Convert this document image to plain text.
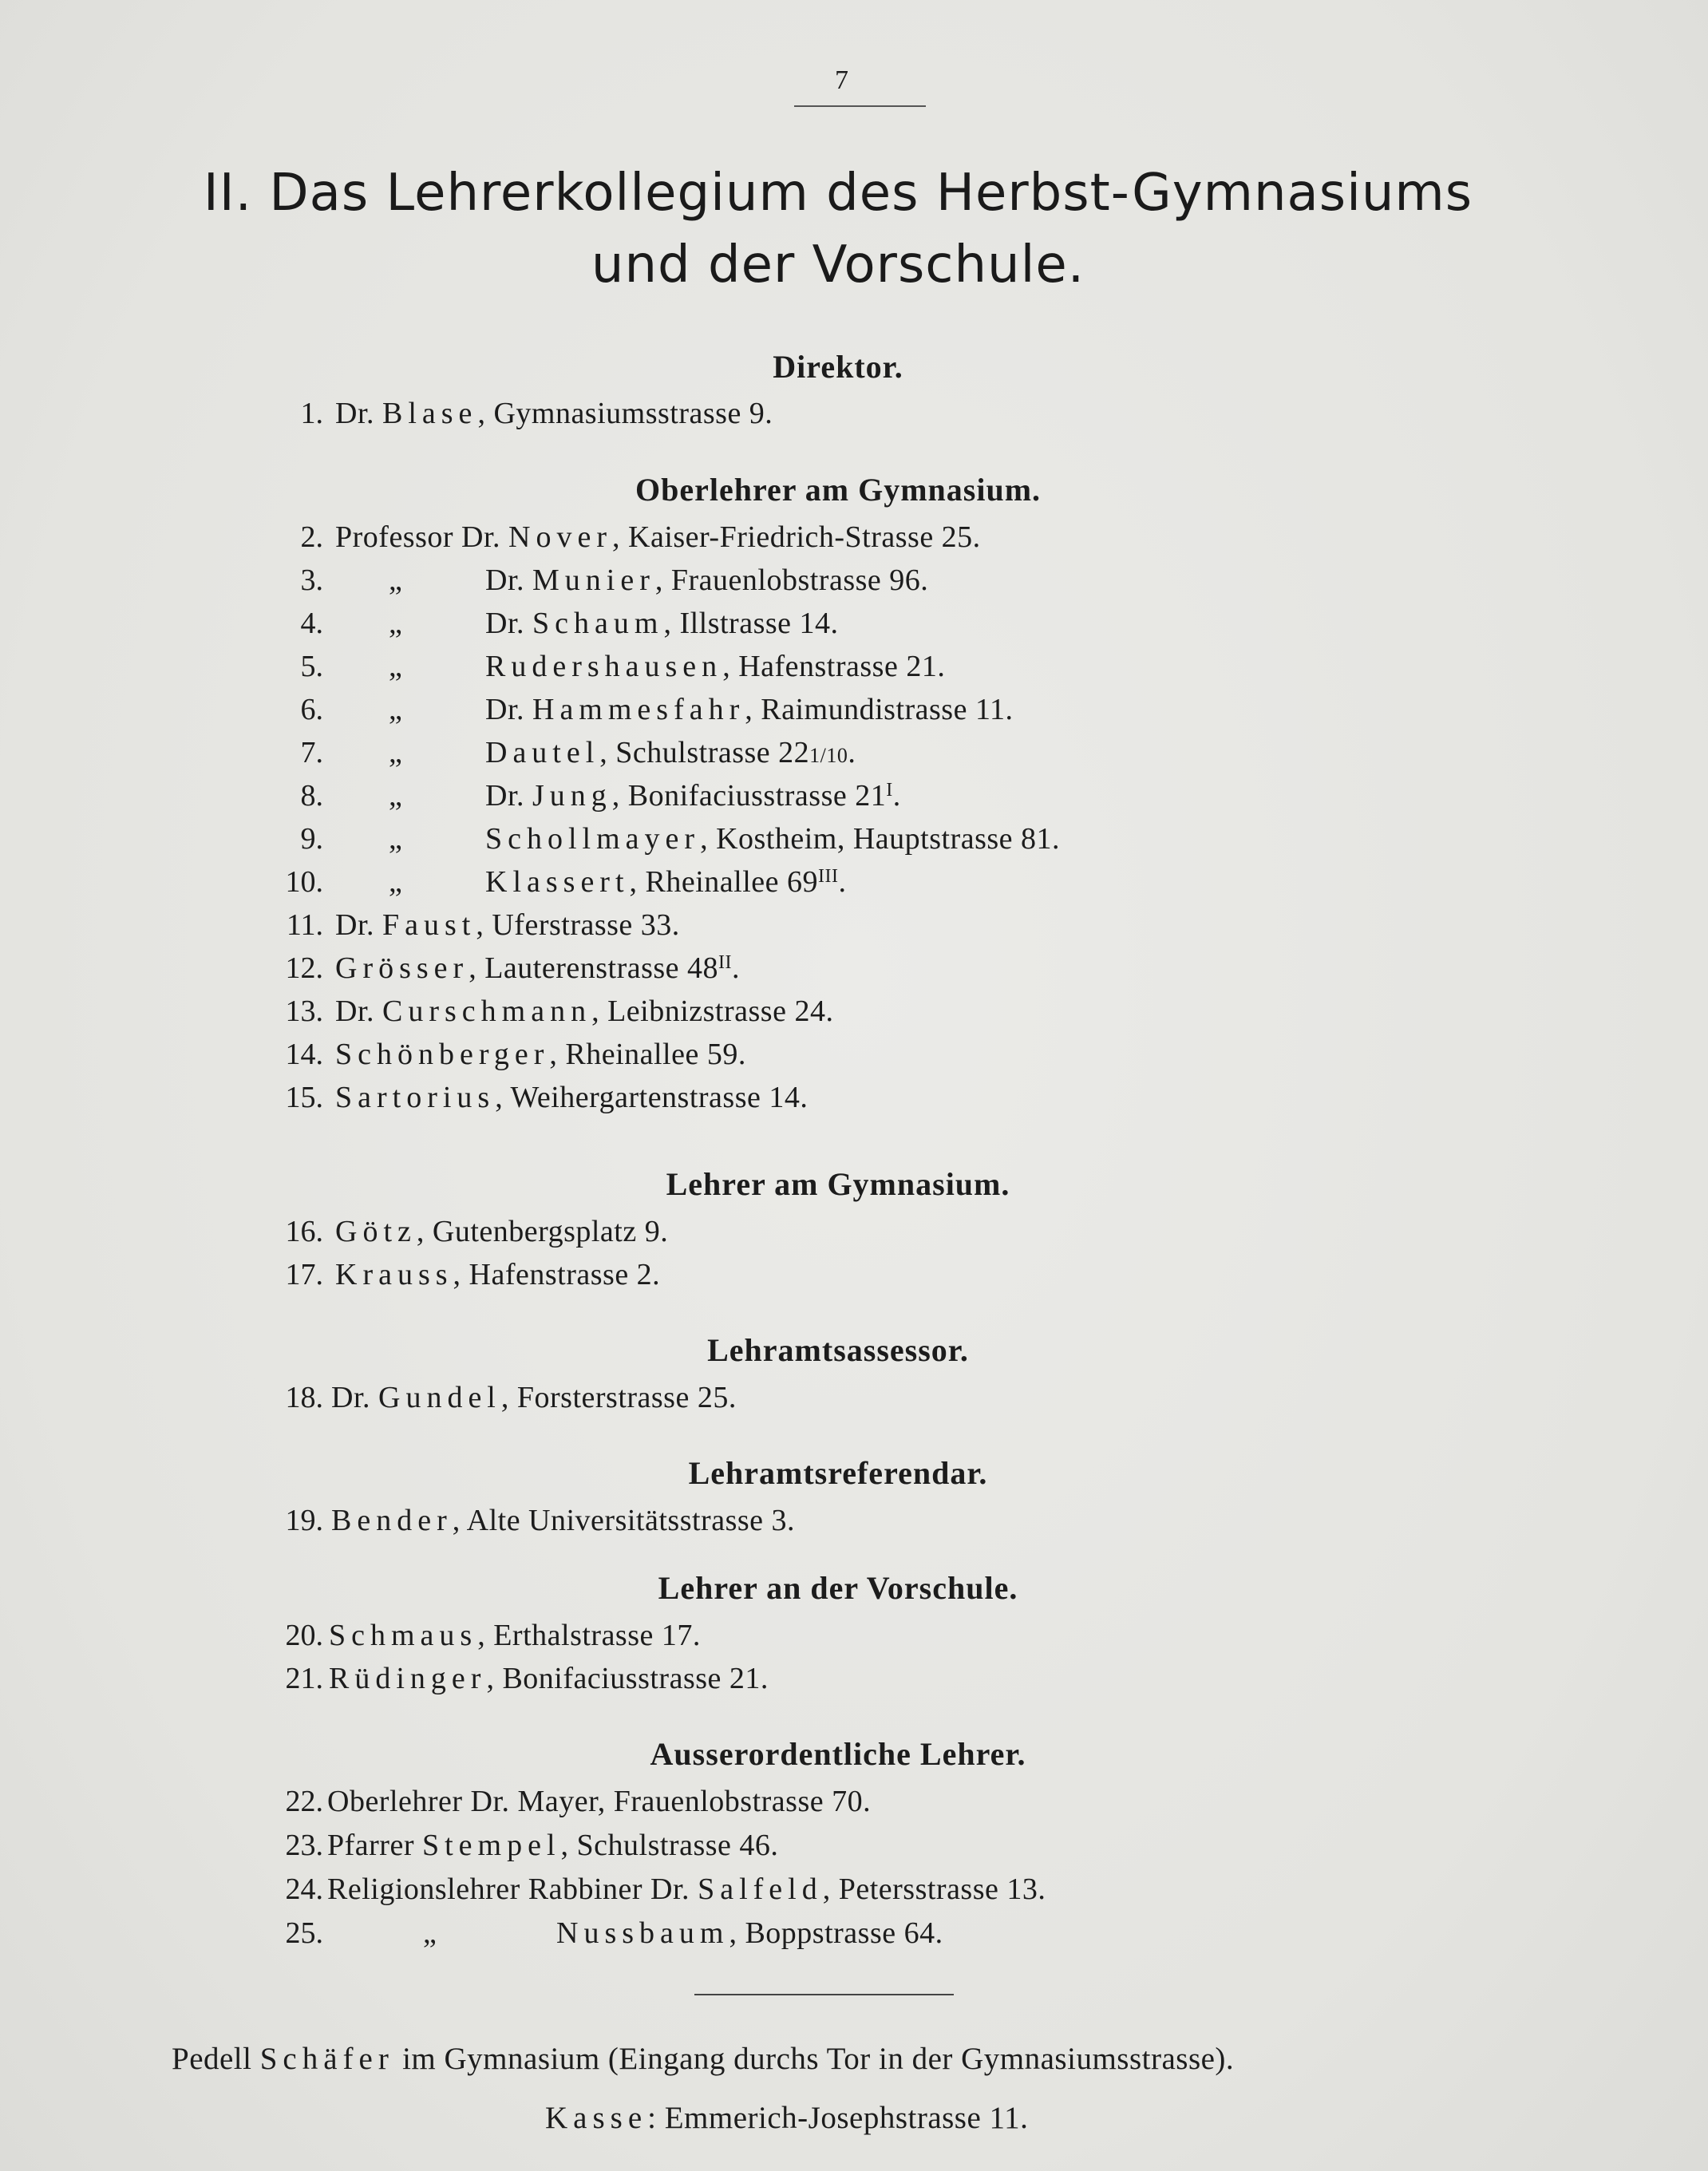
7
II. Das Lehrerkollegium des Herbst-Gymnasiums
und der Vorschule.
Direktor.
1. Dr. Blase, Gymnasiumsstrasse 9.
Oberlehrer am Gymnasium.
2. Professor Dr. Nover, Kaiser-Friedrich-Strasse 25.
3. „	Dr. Munier, Frauenlobstrasse 96.
4. „	Dr. Schaum, Illstrasse 14.
5. „	Rudershausen, Hafenstrasse 21.
6. „	Dr. Hammesfahr, Raimundistrasse 11.
7. „	Dautel, Schulstrasse 221/10.
8. „	Dr. Jung, Bonifaciusstrasse $21^I$.
9. „	Schollmayer, Kostheim, Hauptstrasse 81.
10. „	Klassert, Rheinallee $69^{III}$.
11. Dr. Faust, Uferstrasse 33.
12. Grösser, Lauterenstrasse $48^{II}$.
13. Dr. Curschmann, Leibnizstrasse 24.
14. Schönberger, Rheinallee 59.
15. Sartorius, Weihergartenstrasse 14.
Lehrer am Gymnasium.
16. Götz, Gutenbergsplatz 9.
17. Krauss, Hafenstrasse 2.
Lehramtsassessor.
18. Dr. Gundel, Forsterstrasse 25.
Lehramtsreferendar.
19. Bender, Alte Universitätsstrasse 3.
Lehrer an der Vorschule.
20. Schmaus, Erthalstrasse 17.
21. Rüdinger, Bonifaciusstrasse 21.
Ausserordentliche Lehrer.
22. Oberlehrer Dr. Mayer, Frauenlobstrasse 70.
23. Pfarrer Stempel, Schulstrasse 46.
24. Religionslehrer Rabbiner Dr. Salfeld, Petersstrasse 13.
25.	„	Nussbaum, Boppstrasse 64.
Pedell Schäfer im Gymnasium (Eingang durchs Tor in der Gymnasiumsstrasse).
Kasse: Emmerich-Josephstrasse 11.
